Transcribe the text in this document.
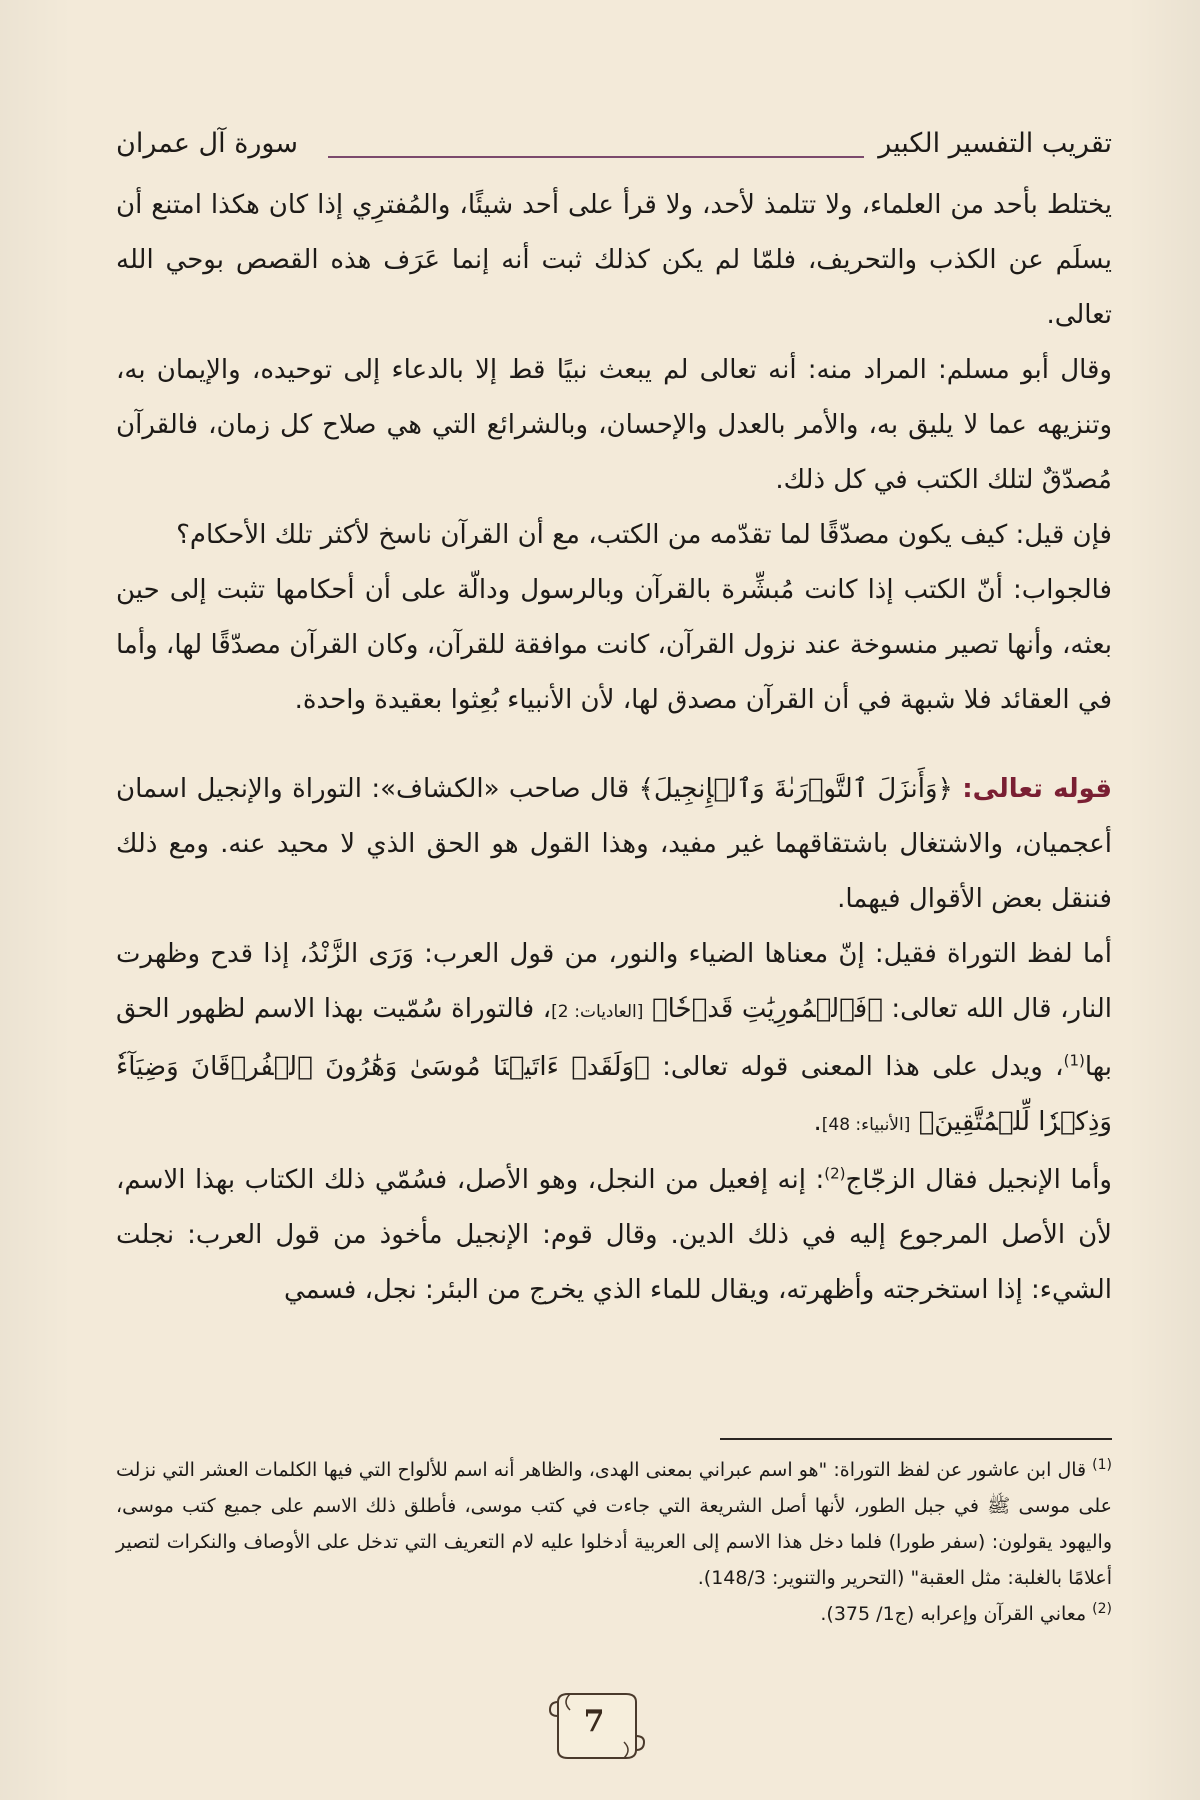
تقريب التفسير الكبير
سورة آل عمران

يختلط بأحد من العلماء، ولا تتلمذ لأحد، ولا قرأ على أحد شيئًا، والمُفترِي إذا كان هكذا امتنع أن يسلَم عن الكذب والتحريف، فلمّا لم يكن كذلك ثبت أنه إنما عَرَف هذه القصص بوحي الله تعالى.

وقال أبو مسلم: المراد منه: أنه تعالى لم يبعث نبيًا قط إلا بالدعاء إلى توحيده، والإيمان به، وتنزيهه عما لا يليق به، والأمر بالعدل والإحسان، وبالشرائع التي هي صلاح كل زمان، فالقرآن مُصدّقٌ لتلك الكتب في كل ذلك.

فإن قيل: كيف يكون مصدّقًا لما تقدّمه من الكتب، مع أن القرآن ناسخ لأكثر تلك الأحكام؟

فالجواب: أنّ الكتب إذا كانت مُبشِّرة بالقرآن وبالرسول ودالّة على أن أحكامها تثبت إلى حين بعثه، وأنها تصير منسوخة عند نزول القرآن، كانت موافقة للقرآن، وكان القرآن مصدّقًا لها، وأما في العقائد فلا شبهة في أن القرآن مصدق لها، لأن الأنبياء بُعِثوا بعقيدة واحدة.

قوله تعالى: ﴿وَأَنزَلَ ٱلتَّوۡرَىٰةَ وَٱلۡإِنجِيلَ﴾ قال صاحب «الكشاف»: التوراة والإنجيل اسمان أعجميان، والاشتغال باشتقاقهما غير مفيد، وهذا القول هو الحق الذي لا محيد عنه. ومع ذلك فننقل بعض الأقوال فيهما.

أما لفظ التوراة فقيل: إنّ معناها الضياء والنور، من قول العرب: وَرَى الزَّنْدُ، إذا قدح وظهرت النار، قال الله تعالى: ﴿فَٱلۡمُورِيَٰتِ قَدۡحٗا﴾ [العاديات: 2]، فالتوراة سُمّيت بهذا الاسم لظهور الحق بها$^{(1)}$، ويدل على هذا المعنى قوله تعالى: ﴿وَلَقَدۡ ءَاتَيۡنَا مُوسَىٰ وَهَٰرُونَ ٱلۡفُرۡقَانَ وَضِيَآءٗ وَذِكۡرٗا لِّلۡمُتَّقِينَ﴾ [الأنبياء: 48].

وأما الإنجيل فقال الزجّاج$^{(2)}$: إنه إفعيل من النجل، وهو الأصل، فسُمّي ذلك الكتاب بهذا الاسم، لأن الأصل المرجوع إليه في ذلك الدين. وقال قوم: الإنجيل مأخوذ من قول العرب: نجلت الشيء: إذا استخرجته وأظهرته، ويقال للماء الذي يخرج من البئر: نجل، فسمي

$^{(1)}$قال ابن عاشور عن لفظ التوراة: "هو اسم عبراني بمعنى الهدى، والظاهر أنه اسم للألواح التي فيها الكلمات العشر التي نزلت على موسى ﷺ في جبل الطور، لأنها أصل الشريعة التي جاءت في كتب موسى، فأطلق ذلك الاسم على جميع كتب موسى، واليهود يقولون: (سفر طورا) فلما دخل هذا الاسم إلى العربية أدخلوا عليه لام التعريف التي تدخل على الأوصاف والنكرات لتصير أعلامًا بالغلبة: مثل العقبة" (التحرير والتنوير: 148/3).

$^{(2)}$معاني القرآن وإعرابه (ج1/ 375).

7
